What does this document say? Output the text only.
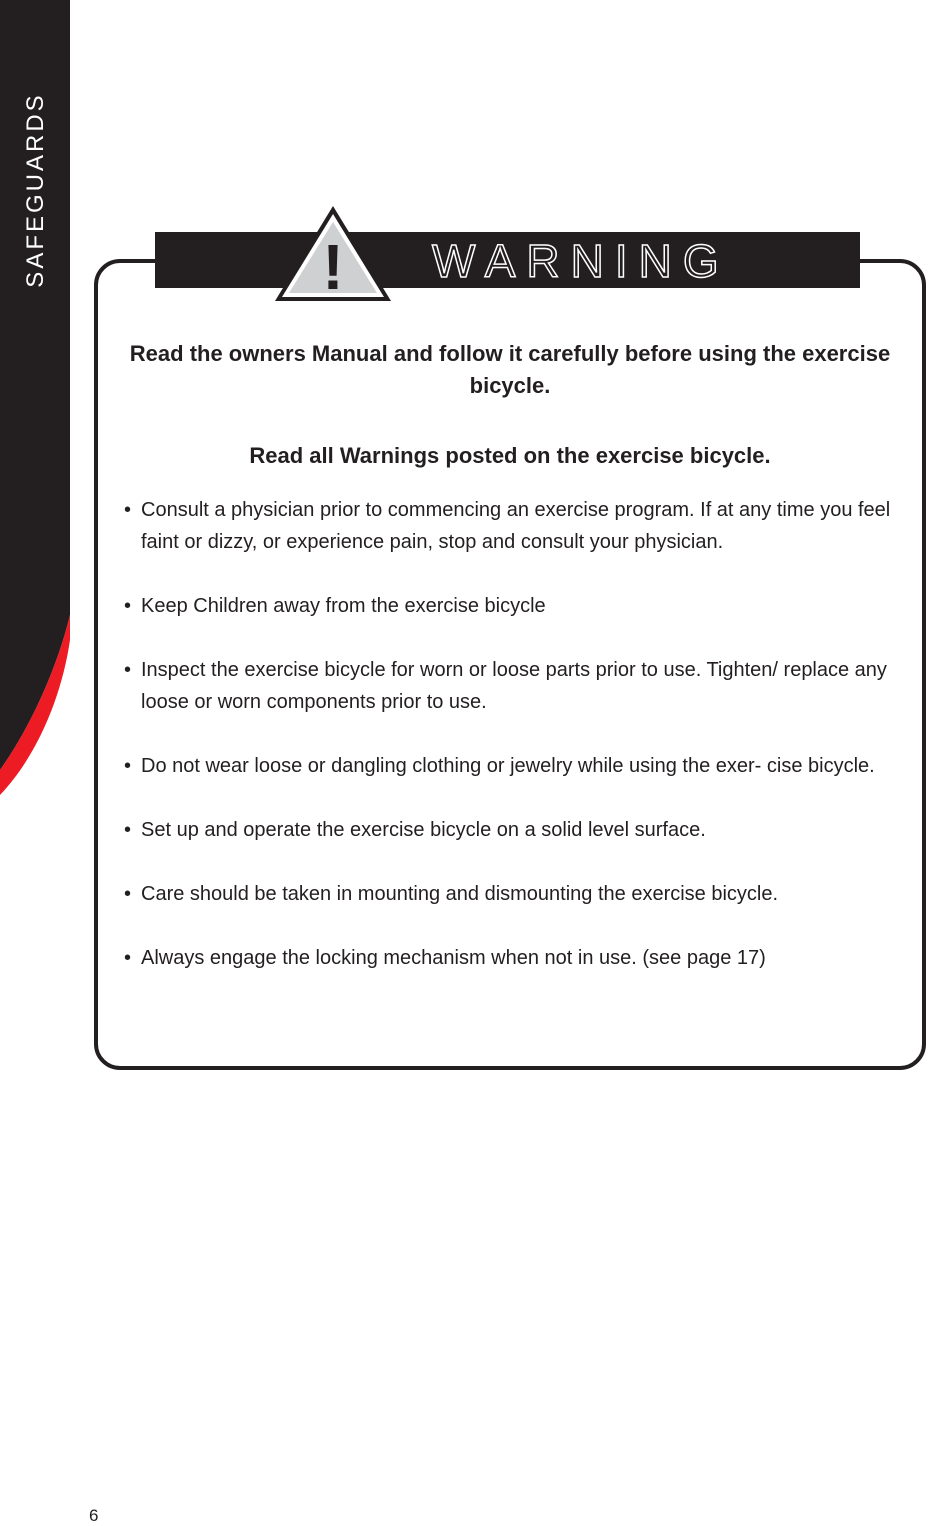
SAFEGUARDS	WARNING
!
Read the owners Manual and follow it carefully before using the exercise bicycle.
Read all Warnings posted on the exercise bicycle.
• Consult a physician prior to commencing an exercise program. If at any time you feel faint or dizzy, or experience pain, stop and consult your physician.
• Keep Children away from the exercise bicycle
• Inspect the exercise bicycle for worn or loose parts prior to use. Tighten/ replace any loose or worn components prior to use.
• Do not wear loose or dangling clothing or jewelry while using the exer- cise bicycle.
• Set up and operate the exercise bicycle on a solid level surface.
• Care should be taken in mounting and dismounting the exercise bicycle.
• Always engage the locking mechanism when not in use. (see page 17)
6
